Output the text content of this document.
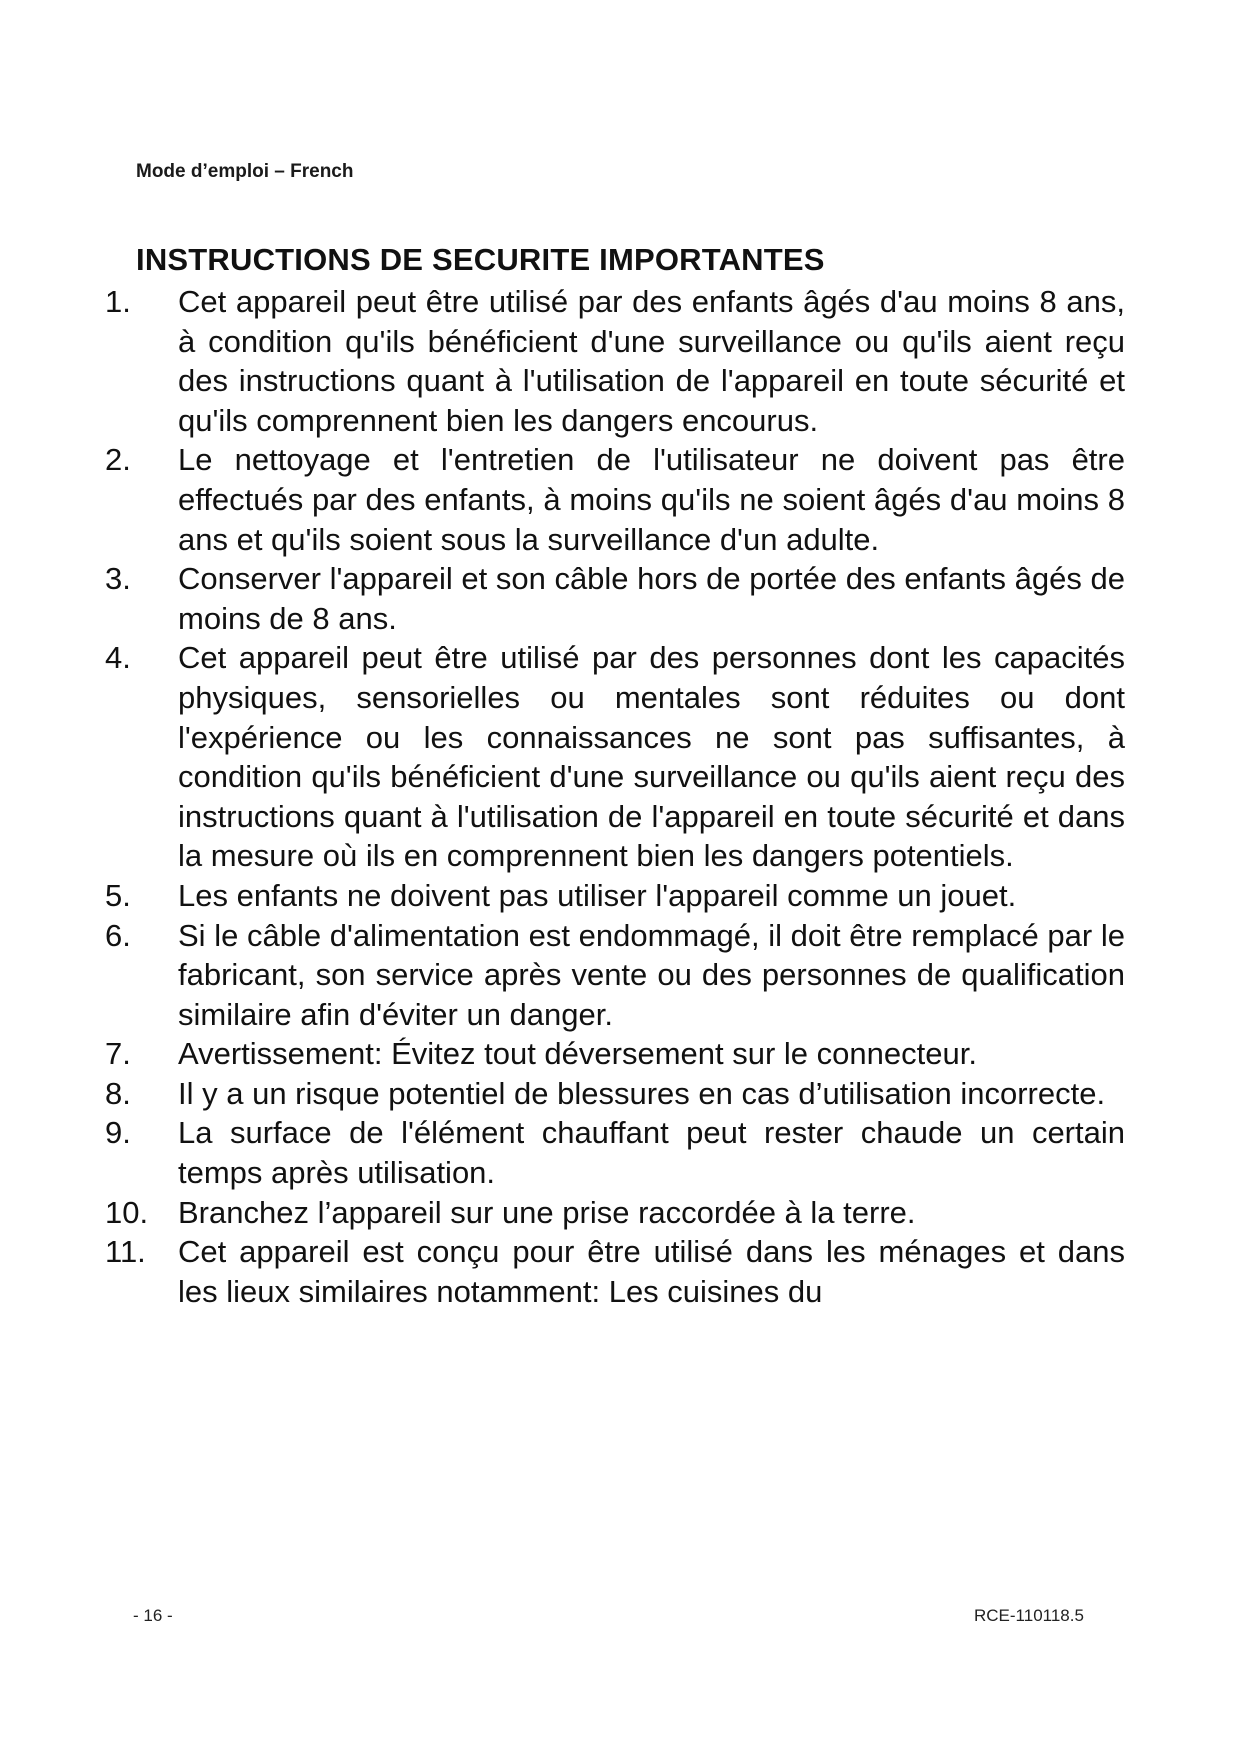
Mode d’emploi – French
INSTRUCTIONS DE SECURITE IMPORTANTES
1.	Cet appareil peut être utilisé par des enfants âgés d'au moins 8 ans, à condition qu'ils bénéficient d'une surveillance ou qu'ils aient reçu des instructions quant à l'utilisation de l'appareil en toute sécurité et qu'ils comprennent bien les dangers encourus.
2.	Le nettoyage et l'entretien de l'utilisateur ne doivent pas être effectués par des enfants, à moins qu'ils ne soient âgés d'au moins 8 ans et qu'ils soient sous la surveillance d'un adulte.
3.	Conserver l'appareil et son câble hors de portée des enfants âgés de moins de 8 ans.
4.	Cet appareil peut être utilisé par des personnes dont les capacités physiques, sensorielles ou mentales sont réduites ou dont l'expérience ou les connaissances ne sont pas suffisantes, à condition qu'ils bénéficient d'une surveillance ou qu'ils aient reçu des instructions quant à l'utilisation de l'appareil en toute sécurité et dans la mesure où ils en comprennent bien les dangers potentiels.
5.	Les enfants ne doivent pas utiliser l'appareil comme un jouet.
6.	Si le câble d'alimentation est endommagé, il doit être remplacé par le fabricant, son service après vente ou des personnes de qualification similaire afin d'éviter un danger.
7.	Avertissement: Évitez tout déversement sur le connecteur.
8.	Il y a un risque potentiel de blessures en cas d’utilisation incorrecte.
9.	La surface de l'élément chauffant peut rester chaude un certain temps après utilisation.
10. Branchez l’appareil sur une prise raccordée à la terre.
11. Cet appareil est conçu pour être utilisé dans les ménages et dans les lieux similaires notamment: Les cuisines du
- 16 -	RCE-110118.5
